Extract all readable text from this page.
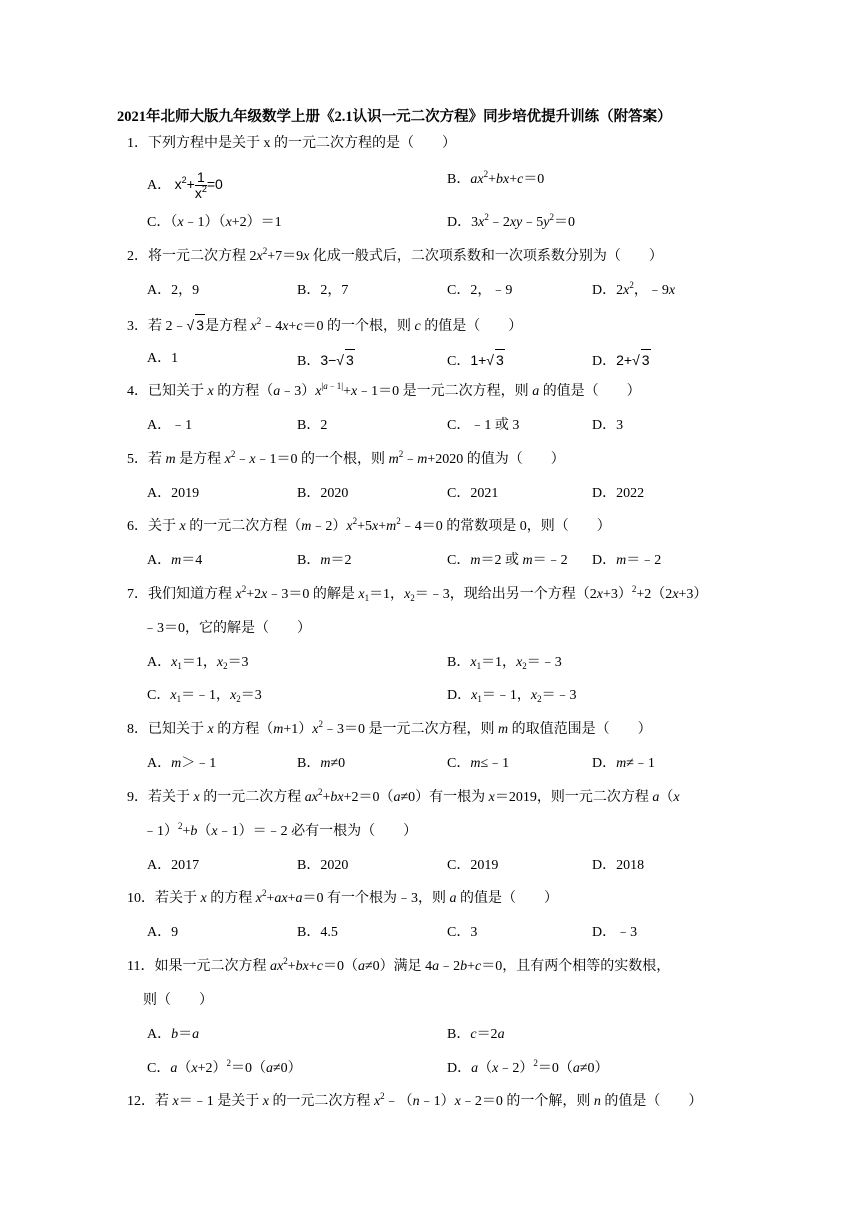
2021年北师大版九年级数学上册《2.1认识一元二次方程》同步培优提升训练（附答案）
1．下列方程中是关于 x 的一元二次方程的是（　　）
A． $x^2+ \frac{1}{x^2} =0$	B．$ax^2+bx+c=0$
C．（x﹣1）（x+2）＝1	D．$3x^2﹣2xy﹣5y^2=0$
2．将一元二次方程 $2x^2+7=9x$ 化成一般式后，二次项系数和一次项系数分别为（　　）
A．2，9	B．2，7	C．2，﹣9	D．$2x^2$，﹣9x
3．若 2﹣√ 3是方程 $x^2﹣4x+c=0$ 的一个根，则 c 的值是（　　）
A．1	B．3−√ 3	C．1+√ 3	D．2+√ 3
4．已知关于 x 的方程$(a﹣3)x^{|a﹣1|}+x﹣1=0$ 是一元二次方程，则 a 的值是（　　）
A．﹣1	B．2	C．﹣1 或 3	D．3
5．若 m 是方程 $x^2﹣x﹣1=0$ 的一个根，则 $m^2﹣m+2020$ 的值为（　　）
A．2019	B．2020	C．2021	D．2022
6．关于 x 的一元二次方程$(m﹣2)x^2+5x+m^2﹣4=0$ 的常数项是 0，则（　　）
A．m＝4	B．m＝2	C．m＝2 或 m＝﹣2 D．m＝﹣2
7．我们知道方程 $x^2+2x﹣3=0$ 的解是 $x_1=1$，$x_2=﹣3$，现给出另一个方程$(2x+3)^2+2(2x+3)$
﹣3＝0，它的解是（　　）
A．$x_1=1$，$x_2=3$	B．$x_1=1$，$x_2=﹣3$
C．$x_1=﹣1$，$x_2=3$	D．$x_1=﹣1$，$x_2=﹣3$
8．已知关于 x 的方程$(m+1)x^2﹣3=0$ 是一元二次方程，则 m 的取值范围是（　　）
A．m＞﹣1	B．m≠0	C．m≤﹣1	D．m≠﹣1
9．若关于 x 的一元二次方程 $ax^2+bx+2=0(a\ne 0)$有一根为 x＝2019，则一元二次方程 a（x
﹣1）$^2$+b（x﹣1）＝﹣2 必有一根为（　　）
A．2017	B．2020	C．2019	D．2018
10．若关于 x 的方程 $x^2+ax+a=0$ 有一个根为﹣3，则 a 的值是（　　）
A．9	B．4.5	C．3	D．﹣3
11．如果一元二次方程 $ax^2+bx+c=0(a\ne 0)$满足 4a﹣2b+c＝0，且有两个相等的实数根，
则（　　）
A．b＝a	B．c＝2a
C．$a(x+2)^2=0(a\ne 0)$	D．a（x﹣2）$^2$＝0（a≠0）
12．若 x＝﹣1 是关于 x 的一元二次方程 $x^2﹣(n﹣1)x﹣2=0$ 的一个解，则 n 的值是（　　）
